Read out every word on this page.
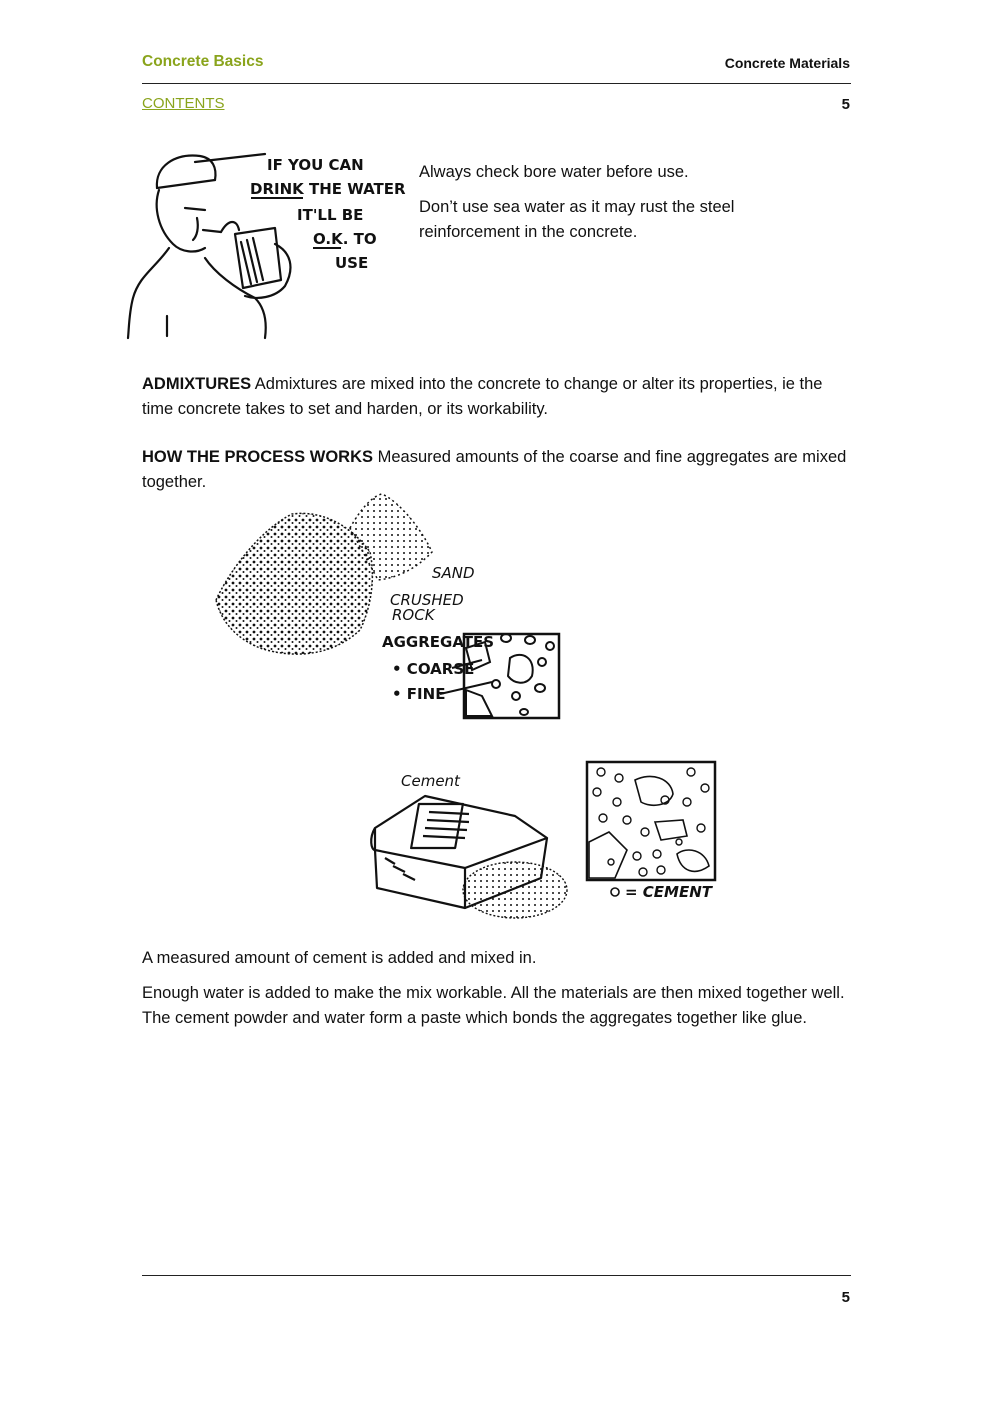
Concrete Basics	Concrete Materials
CONTENTS	5
IF YOU CAN
DRINK THE WATER
IT'LL BE
O.K. TO
USE

Always check bore water before use.

Don’t use sea water as it may rust the steel reinforcement in the concrete.

ADMIXTURES Admixtures are mixed into the concrete to change or alter its properties, ie the time concrete takes to set and harden, or its workability.

HOW THE PROCESS WORKS Measured amounts of the coarse and fine aggregates are mixed together.

SAND
CRUSHED
ROCK
AGGREGATES
• COARSE
• FINE
Cement
= CEMENT

A measured amount of cement is added and mixed in.

Enough water is added to make the mix workable. All the materials are then mixed together well. The cement powder and water form a paste which bonds the aggregates together like glue.

5
